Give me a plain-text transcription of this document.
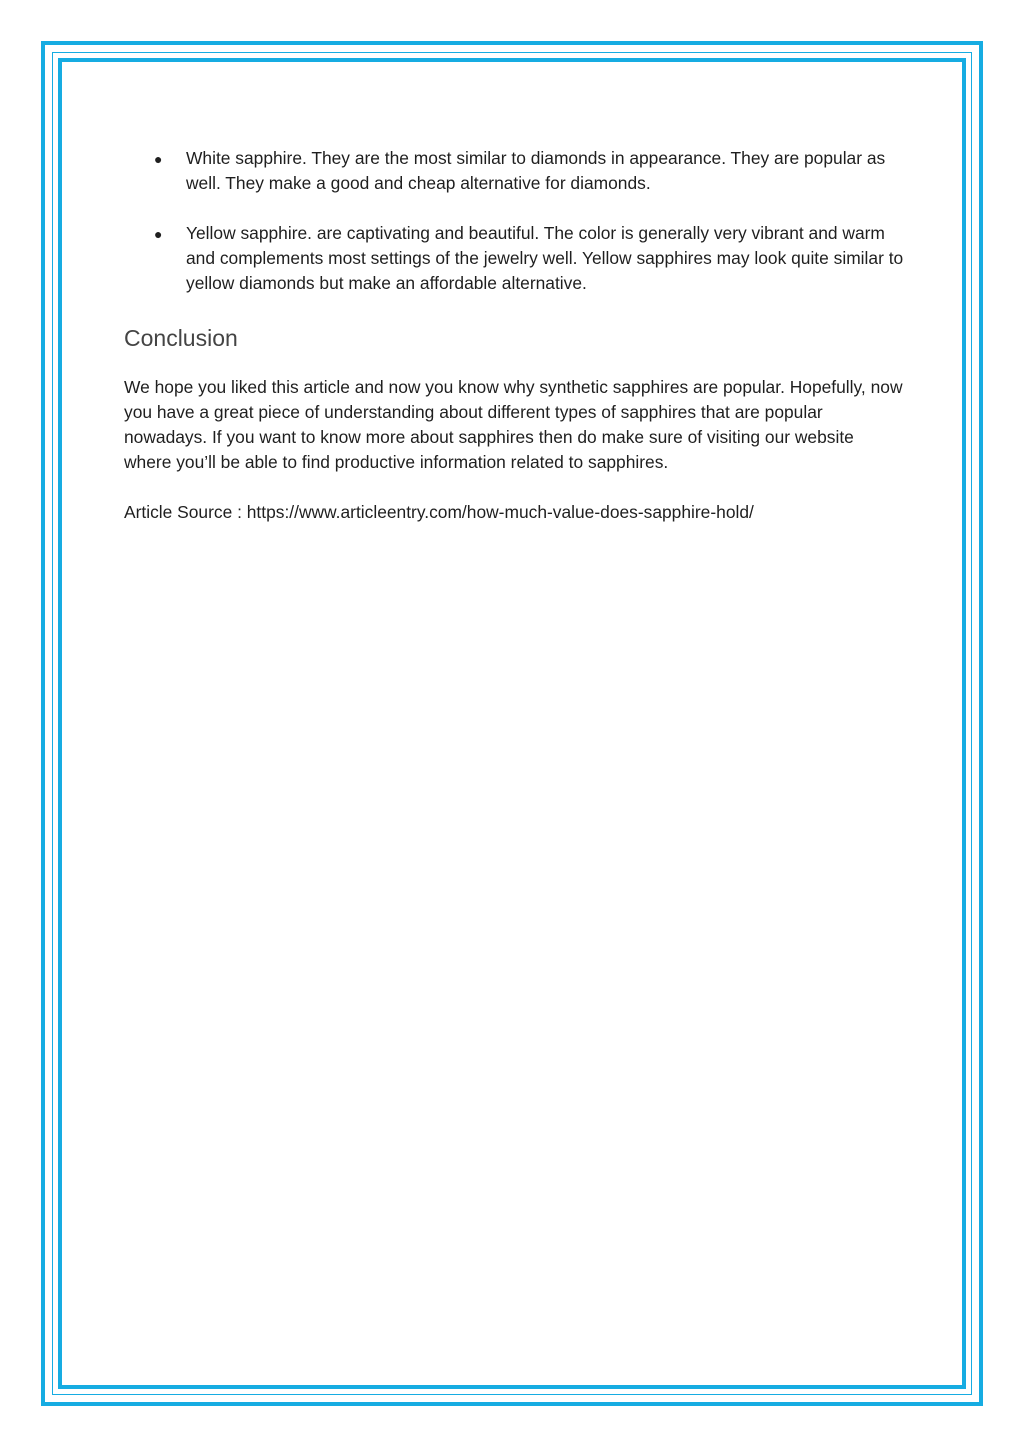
● White sapphire. They are the most similar to diamonds in appearance. They are popular as well. They make a good and cheap alternative for diamonds.
● Yellow sapphire. are captivating and beautiful. The color is generally very vibrant and warm and complements most settings of the jewelry well. Yellow sapphires may look quite similar to yellow diamonds but make an affordable alternative.
Conclusion

We hope you liked this article and now you know why synthetic sapphires are popular. Hopefully, now you have a great piece of understanding about different types of sapphires that are popular nowadays. If you want to know more about sapphires then do make sure of visiting our website where you’ll be able to find productive information related to sapphires.

Article Source : https://www.articleentry.com/how-much-value-does-sapphire-hold/
